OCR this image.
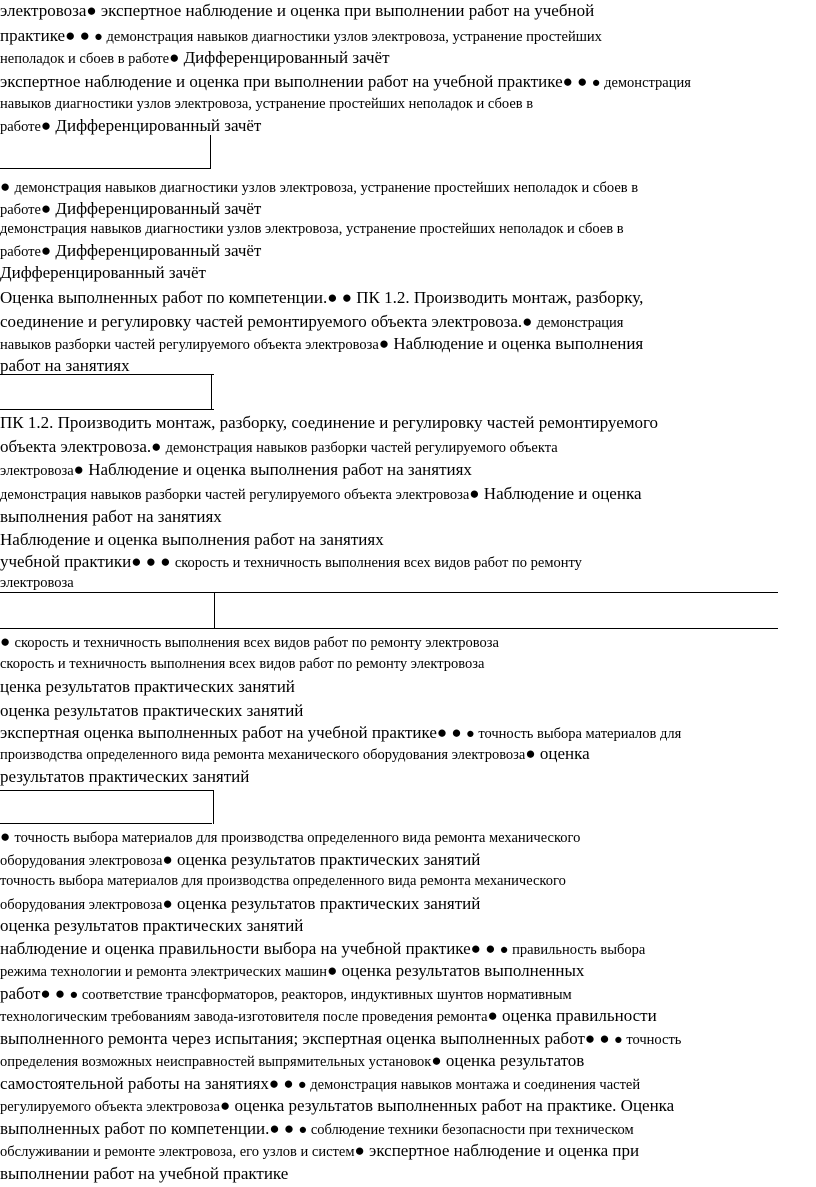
электровоза● экспертное наблюдение и оценка при выполнении работ на учебной
практике● ● ● демонстрация навыков диагностики узлов электровоза, устранение простейших
неполадок и сбоев в работе● Дифференцированный зачёт
экспертное наблюдение и оценка при выполнении работ на учебной практике● ● ● демонстрация
навыков диагностики узлов электровоза, устранение простейших неполадок и сбоев в
работе● Дифференцированный зачёт
● демонстрация навыков диагностики узлов электровоза, устранение простейших неполадок и сбоев в
работе● Дифференцированный зачёт
демонстрация навыков диагностики узлов электровоза, устранение простейших неполадок и сбоев в
работе● Дифференцированный зачёт
Дифференцированный зачёт
Оценка выполненных работ по компетенции.● ● ПК 1.2. Производить монтаж, разборку,
соединение и регулировку частей ремонтируемого объекта электровоза.● демонстрация
навыков разборки частей регулируемого объекта электровоза● Наблюдение и оценка выполнения
работ на занятиях
ПК 1.2. Производить монтаж, разборку, соединение и регулировку частей ремонтируемого
объекта электровоза.● демонстрация навыков разборки частей регулируемого объекта
электровоза● Наблюдение и оценка выполнения работ на занятиях
демонстрация навыков разборки частей регулируемого объекта электровоза● Наблюдение и оценка
выполнения работ на занятиях
Наблюдение и оценка выполнения работ на занятиях
учебной практики● ● ● скорость и техничность выполнения всех видов работ по ремонту
электровоза
● скорость и техничность выполнения всех видов работ по ремонту электровоза
скорость и техничность выполнения всех видов работ по ремонту электровоза
ценка результатов практических занятий
оценка результатов практических занятий
экспертная оценка выполненных работ на учебной практике● ● ● точность выбора материалов для
производства определенного вида ремонта механического оборудования электровоза● оценка
результатов практических занятий
● точность выбора материалов для производства определенного вида ремонта механического
оборудования электровоза● оценка результатов практических занятий
точность выбора материалов для производства определенного вида ремонта механического
оборудования электровоза● оценка результатов практических занятий
оценка результатов практических занятий
наблюдение и оценка правильности выбора на учебной практике● ● ● правильность выбора
режима технологии и ремонта электрических машин● оценка результатов выполненных
работ● ● ● соответствие трансформаторов, реакторов, индуктивных шунтов нормативным
технологическим требованиям завода-изготовителя после проведения ремонта● оценка правильности
выполненного ремонта через испытания; экспертная оценка выполненных работ● ● ● точность
определения возможных неисправностей выпрямительных установок● оценка результатов
самостоятельной работы на занятиях● ● ● демонстрация навыков монтажа и соединения частей
регулируемого объекта электровоза● оценка результатов выполненных работ на практике. Оценка
выполненных работ по компетенции.● ● ● соблюдение техники безопасности при техническом
обслуживании и ремонте электровоза, его узлов и систем● экспертное наблюдение и оценка при
выполнении работ на учебной практике
